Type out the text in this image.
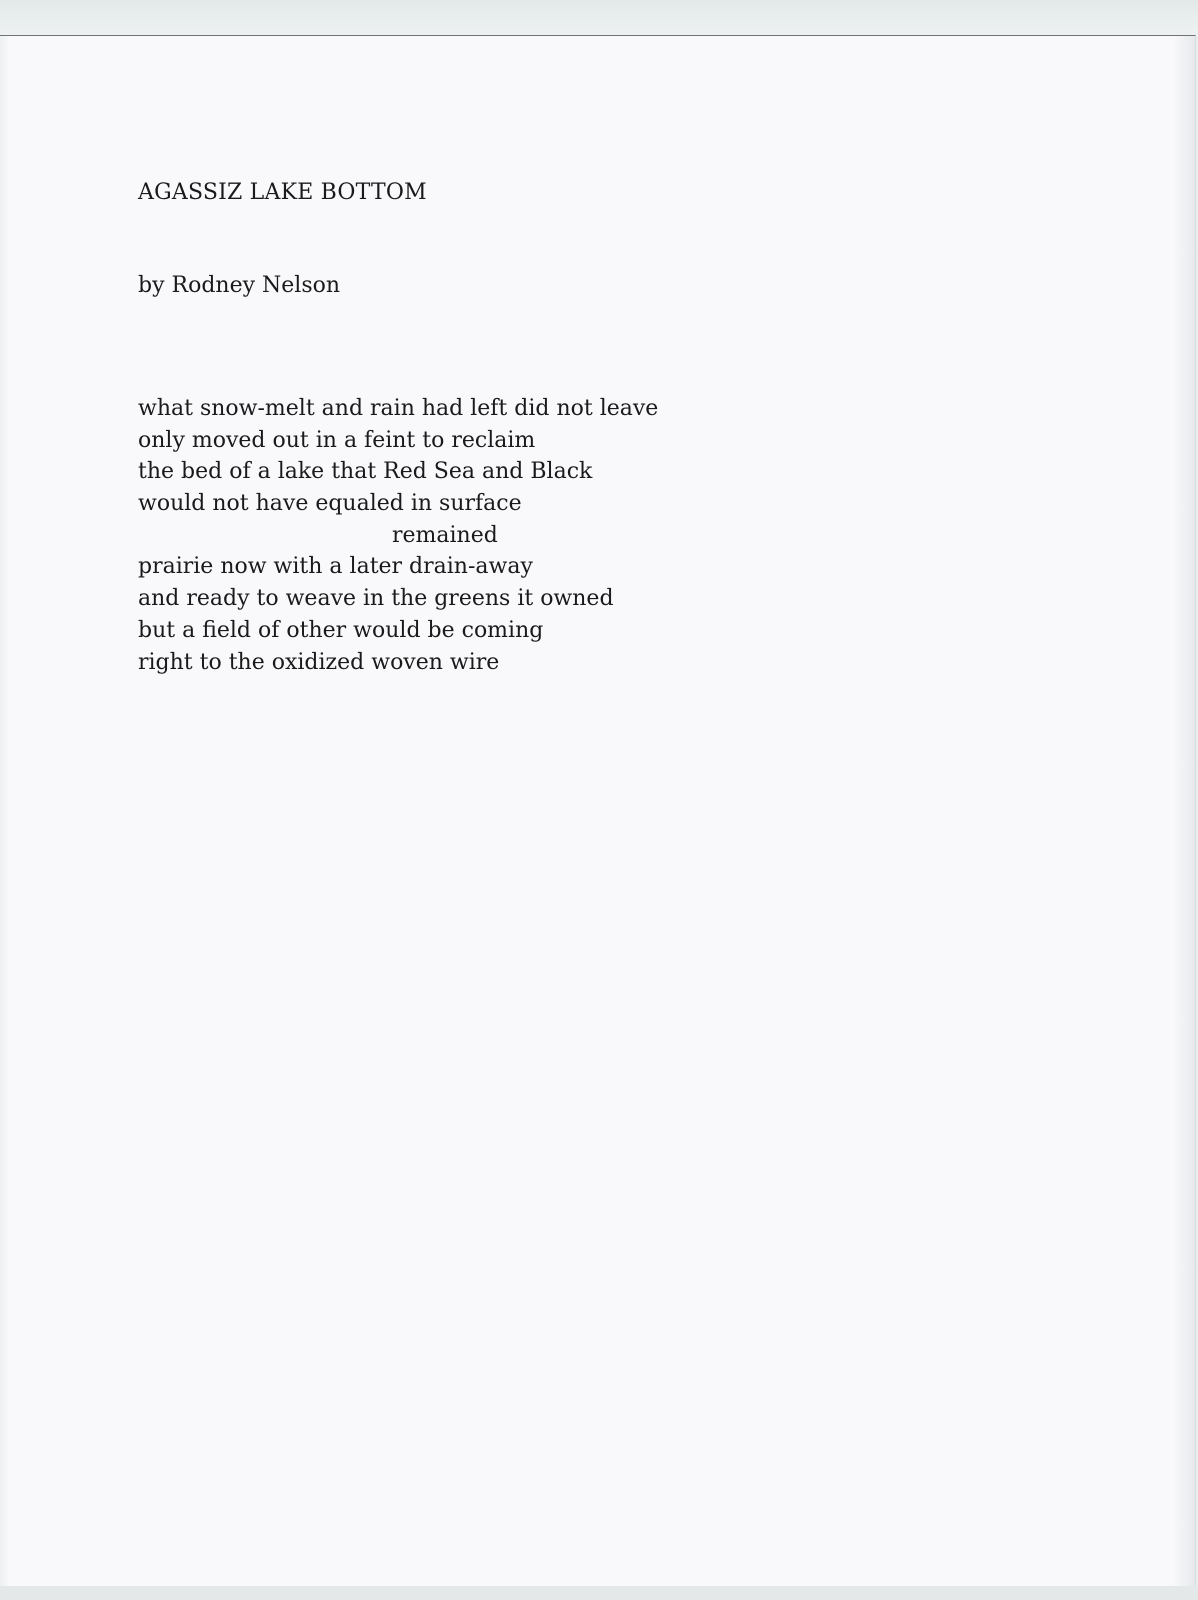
AGASSIZ LAKE BOTTOM

by Rodney Nelson

what snow-melt and rain had left did not leave
only moved out in a feint to reclaim
the bed of a lake that Red Sea and Black
would not have equaled in surface
remained
prairie now with a later drain-away
and ready to weave in the greens it owned
but a field of other would be coming
right to the oxidized woven wire
